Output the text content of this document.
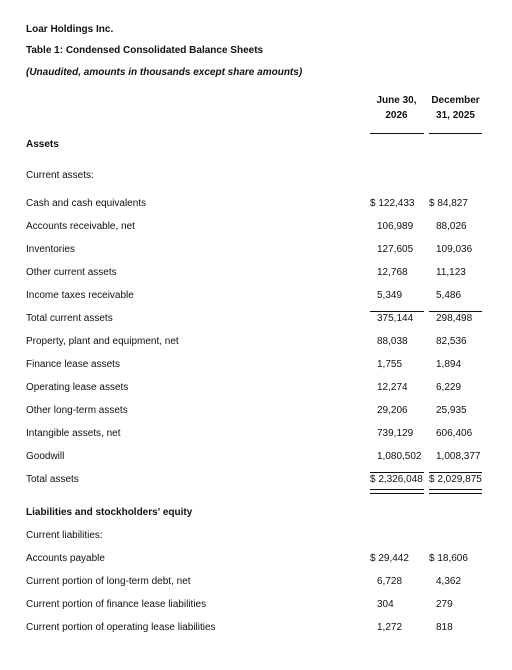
Loar Holdings Inc.
Table 1: Condensed Consolidated Balance Sheets
(Unaudited, amounts in thousands except share amounts)
June 30,
2026
December
31, 2025
Assets
Current assets:
Cash and cash equivalents	$ 122,433 $ 84,827
Accounts receivable, net	106,989 88,026
Inventories	127,605 109,036
Other current assets	12,768	11,123
Income taxes receivable	5,349	5,486
Total current assets	375,144 298,498
Property, plant and equipment, net	88,038	82,536
Finance lease assets	1,755	1,894
Operating lease assets	12,274	6,229
Other long-term assets	29,206	25,935
Intangible assets, net	739,129 606,406
Goodwill	1,080,502 1,008,377
Total assets	$ 2,326,048 $ 2,029,875
Liabilities and stockholders' equity
Current liabilities:
Accounts payable	$ 29,442 $ 18,606
Current portion of long-term debt, net	6,728	4,362
Current portion of finance lease liabilities	304	279
Current portion of operating lease liabilities	1,272	818
